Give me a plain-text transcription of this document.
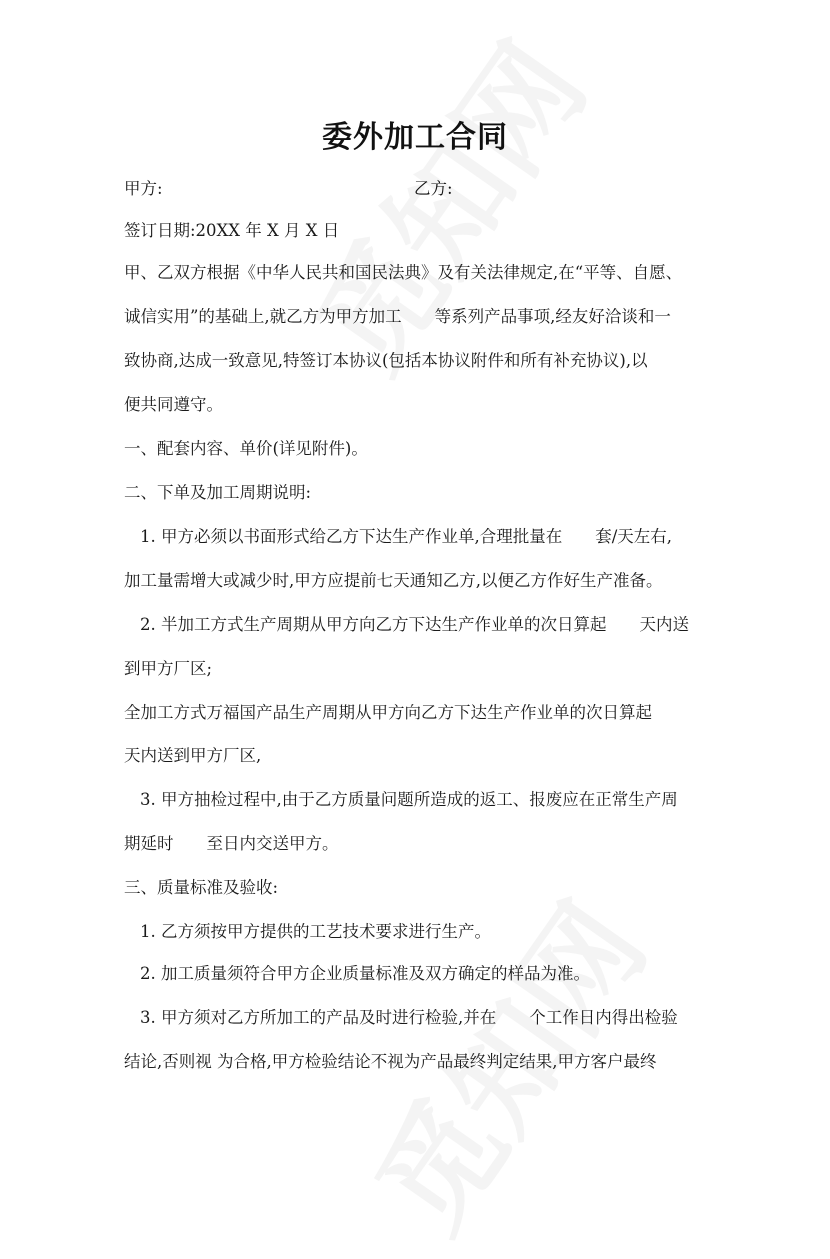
委外加工合同
甲方:	乙方:
签订日期:20XX 年 X 月 X 日
甲、乙双方根据《中华人民共和国民法典》及有关法律规定,在“平等、自愿、
诚信实用”的基础上,就乙方为甲方加工　　等系列产品事项,经友好洽谈和一
致协商,达成一致意见,特签订本协议(包括本协议附件和所有补充协议),以
便共同遵守。
一、配套内容、单价(详见附件)。
二、下单及加工周期说明:
1. 甲方必须以书面形式给乙方下达生产作业单,合理批量在　　套/天左右,
加工量需增大或减少时,甲方应提前七天通知乙方,以便乙方作好生产准备。
2. 半加工方式生产周期从甲方向乙方下达生产作业单的次日算起　　天内送
到甲方厂区;
全加工方式万福国产品生产周期从甲方向乙方下达生产作业单的次日算起
天内送到甲方厂区,
3. 甲方抽检过程中,由于乙方质量问题所造成的返工、报废应在正常生产周
期延时　　至日内交送甲方。
三、质量标准及验收:
1. 乙方须按甲方提供的工艺技术要求进行生产。
2. 加工质量须符合甲方企业质量标准及双方确定的样品为准。
3. 甲方须对乙方所加工的产品及时进行检验,并在　　个工作日内得出检验
结论,否则视 为合格,甲方检验结论不视为产品最终判定结果,甲方客户最终
